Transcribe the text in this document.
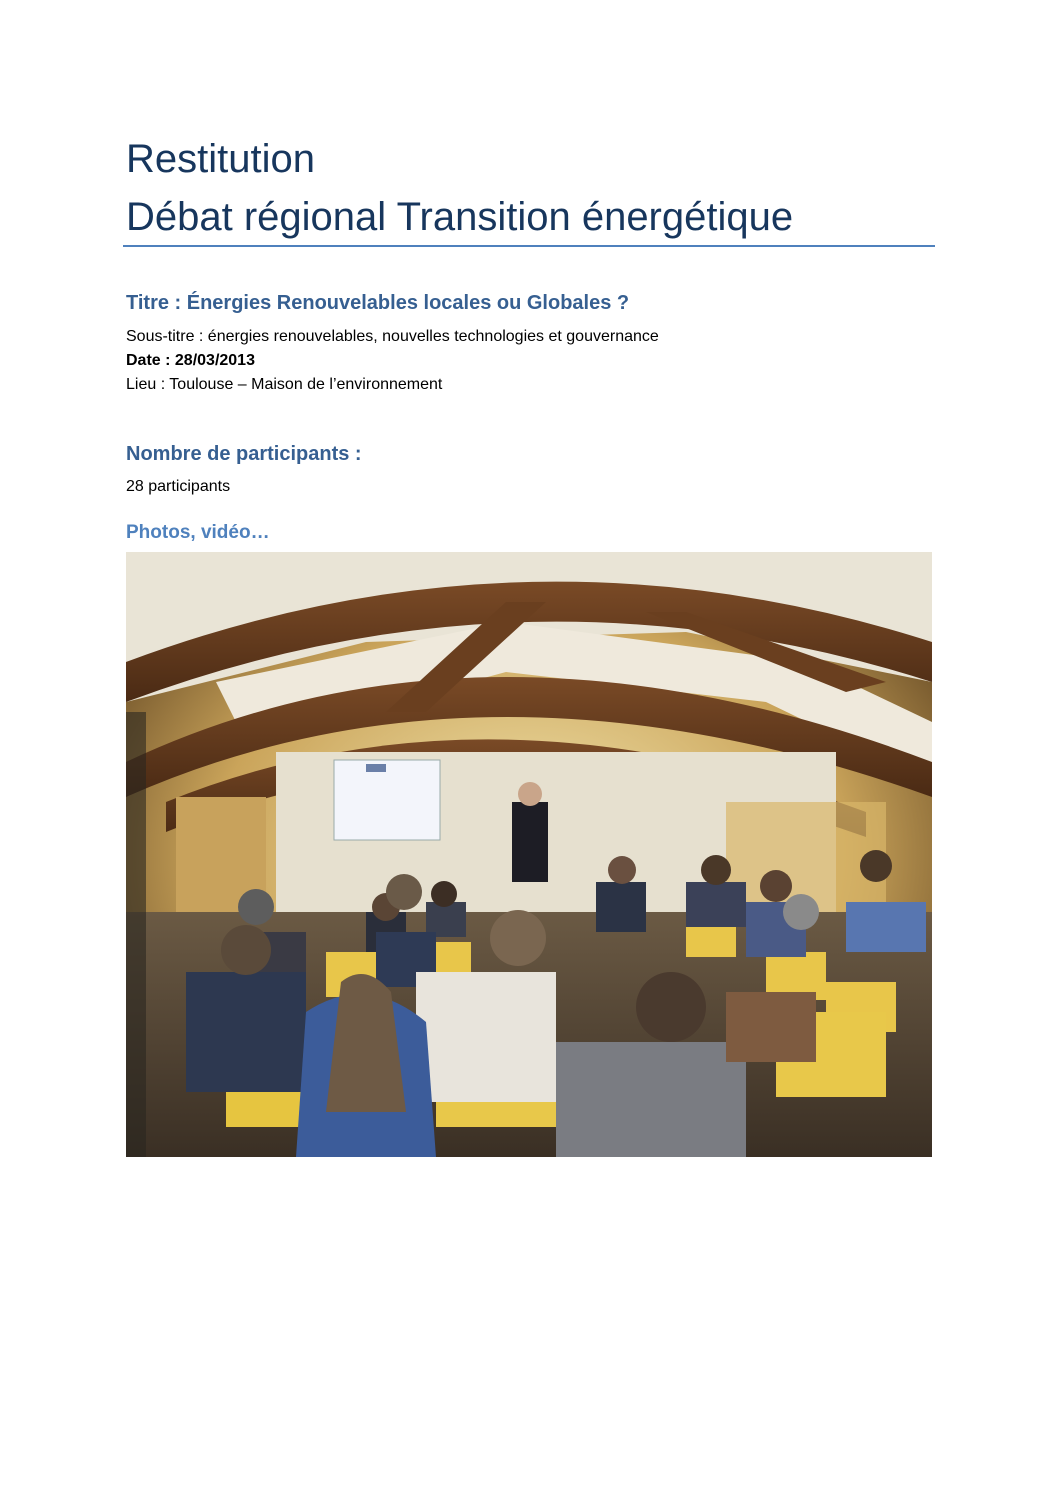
Restitution
Débat régional Transition énergétique
Titre : Énergies Renouvelables locales ou Globales ?

Sous-titre : énergies renouvelables, nouvelles technologies et gouvernance

Date : 28/03/2013

Lieu : Toulouse – Maison de l’environnement

Nombre de participants :

28 participants

Photos, vidéo…
